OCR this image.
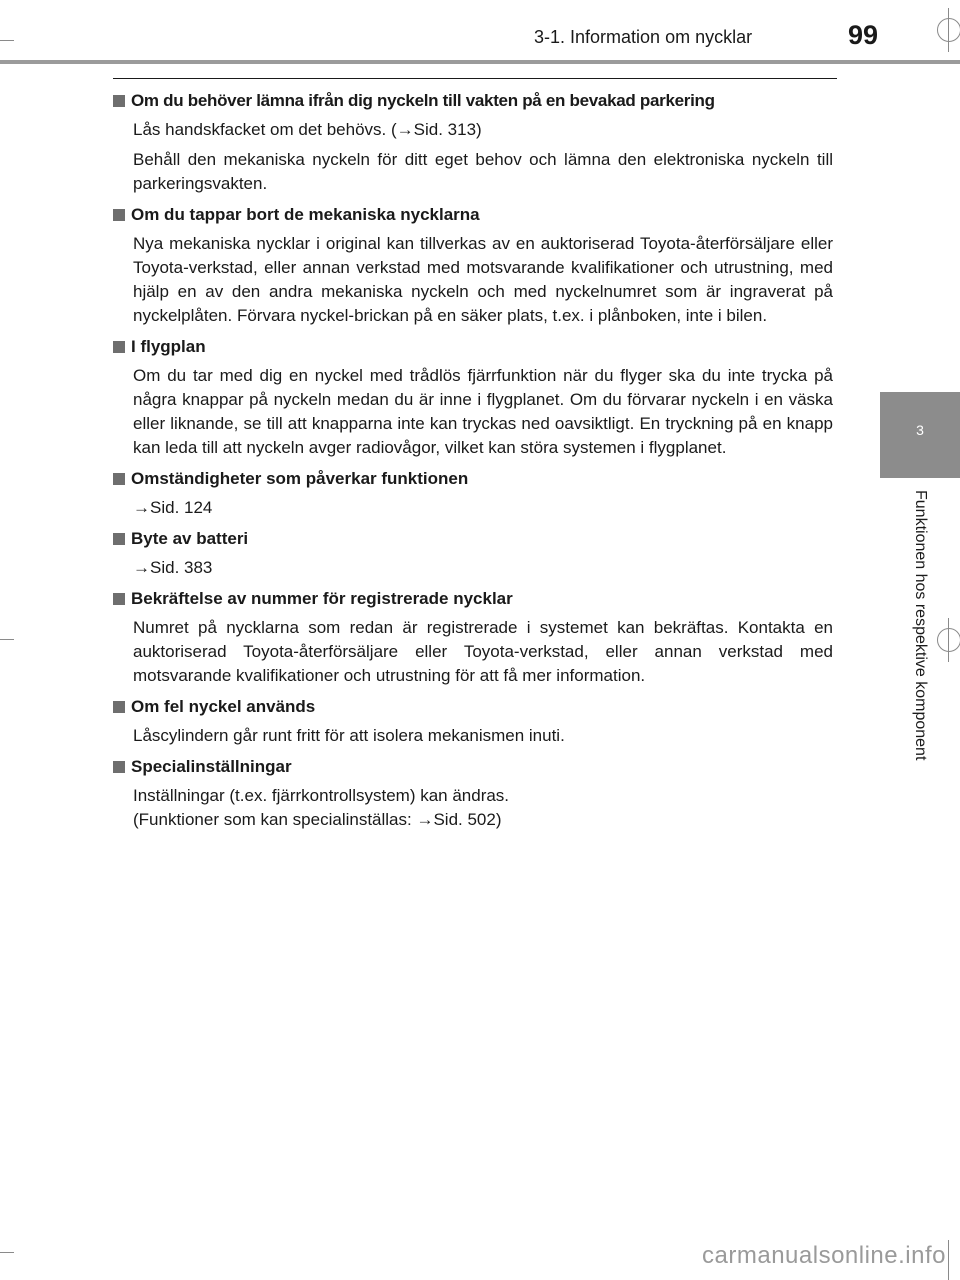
3-1. Information om nycklar	99
3
Funktionen hos respektive komponent
Om du behöver lämna ifrån dig nyckeln till vakten på en bevakad parkering
Lås handskfacket om det behövs. (→Sid. 313)
Behåll den mekaniska nyckeln för ditt eget behov och lämna den elektroniska nyckeln till parkeringsvakten.
Om du tappar bort de mekaniska nycklarna
Nya mekaniska nycklar i original kan tillverkas av en auktoriserad Toyota-återförsäljare eller Toyota-verkstad, eller annan verkstad med motsvarande kvalifikationer och utrustning, med hjälp en av den andra mekaniska nyckeln och med nyckelnumret som är ingraverat på nyckelplåten. Förvara nyckel-brickan på en säker plats, t.ex. i plånboken, inte i bilen.
I flygplan
Om du tar med dig en nyckel med trådlös fjärrfunktion när du flyger ska du inte trycka på några knappar på nyckeln medan du är inne i flygplanet. Om du förvarar nyckeln i en väska eller liknande, se till att knapparna inte kan tryckas ned oavsiktligt. En tryckning på en knapp kan leda till att nyckeln avger radiovågor, vilket kan störa systemen i flygplanet.
Omständigheter som påverkar funktionen
→Sid. 124
Byte av batteri
→Sid. 383
Bekräftelse av nummer för registrerade nycklar
Numret på nycklarna som redan är registrerade i systemet kan bekräftas. Kontakta en auktoriserad Toyota-återförsäljare eller Toyota-verkstad, eller annan verkstad med motsvarande kvalifikationer och utrustning för att få mer information.
Om fel nyckel används
Låscylindern går runt fritt för att isolera mekanismen inuti.
Specialinställningar
Inställningar (t.ex. fjärrkontrollsystem) kan ändras.
(Funktioner som kan specialinställas: →Sid. 502)
carmanualsonline.info
